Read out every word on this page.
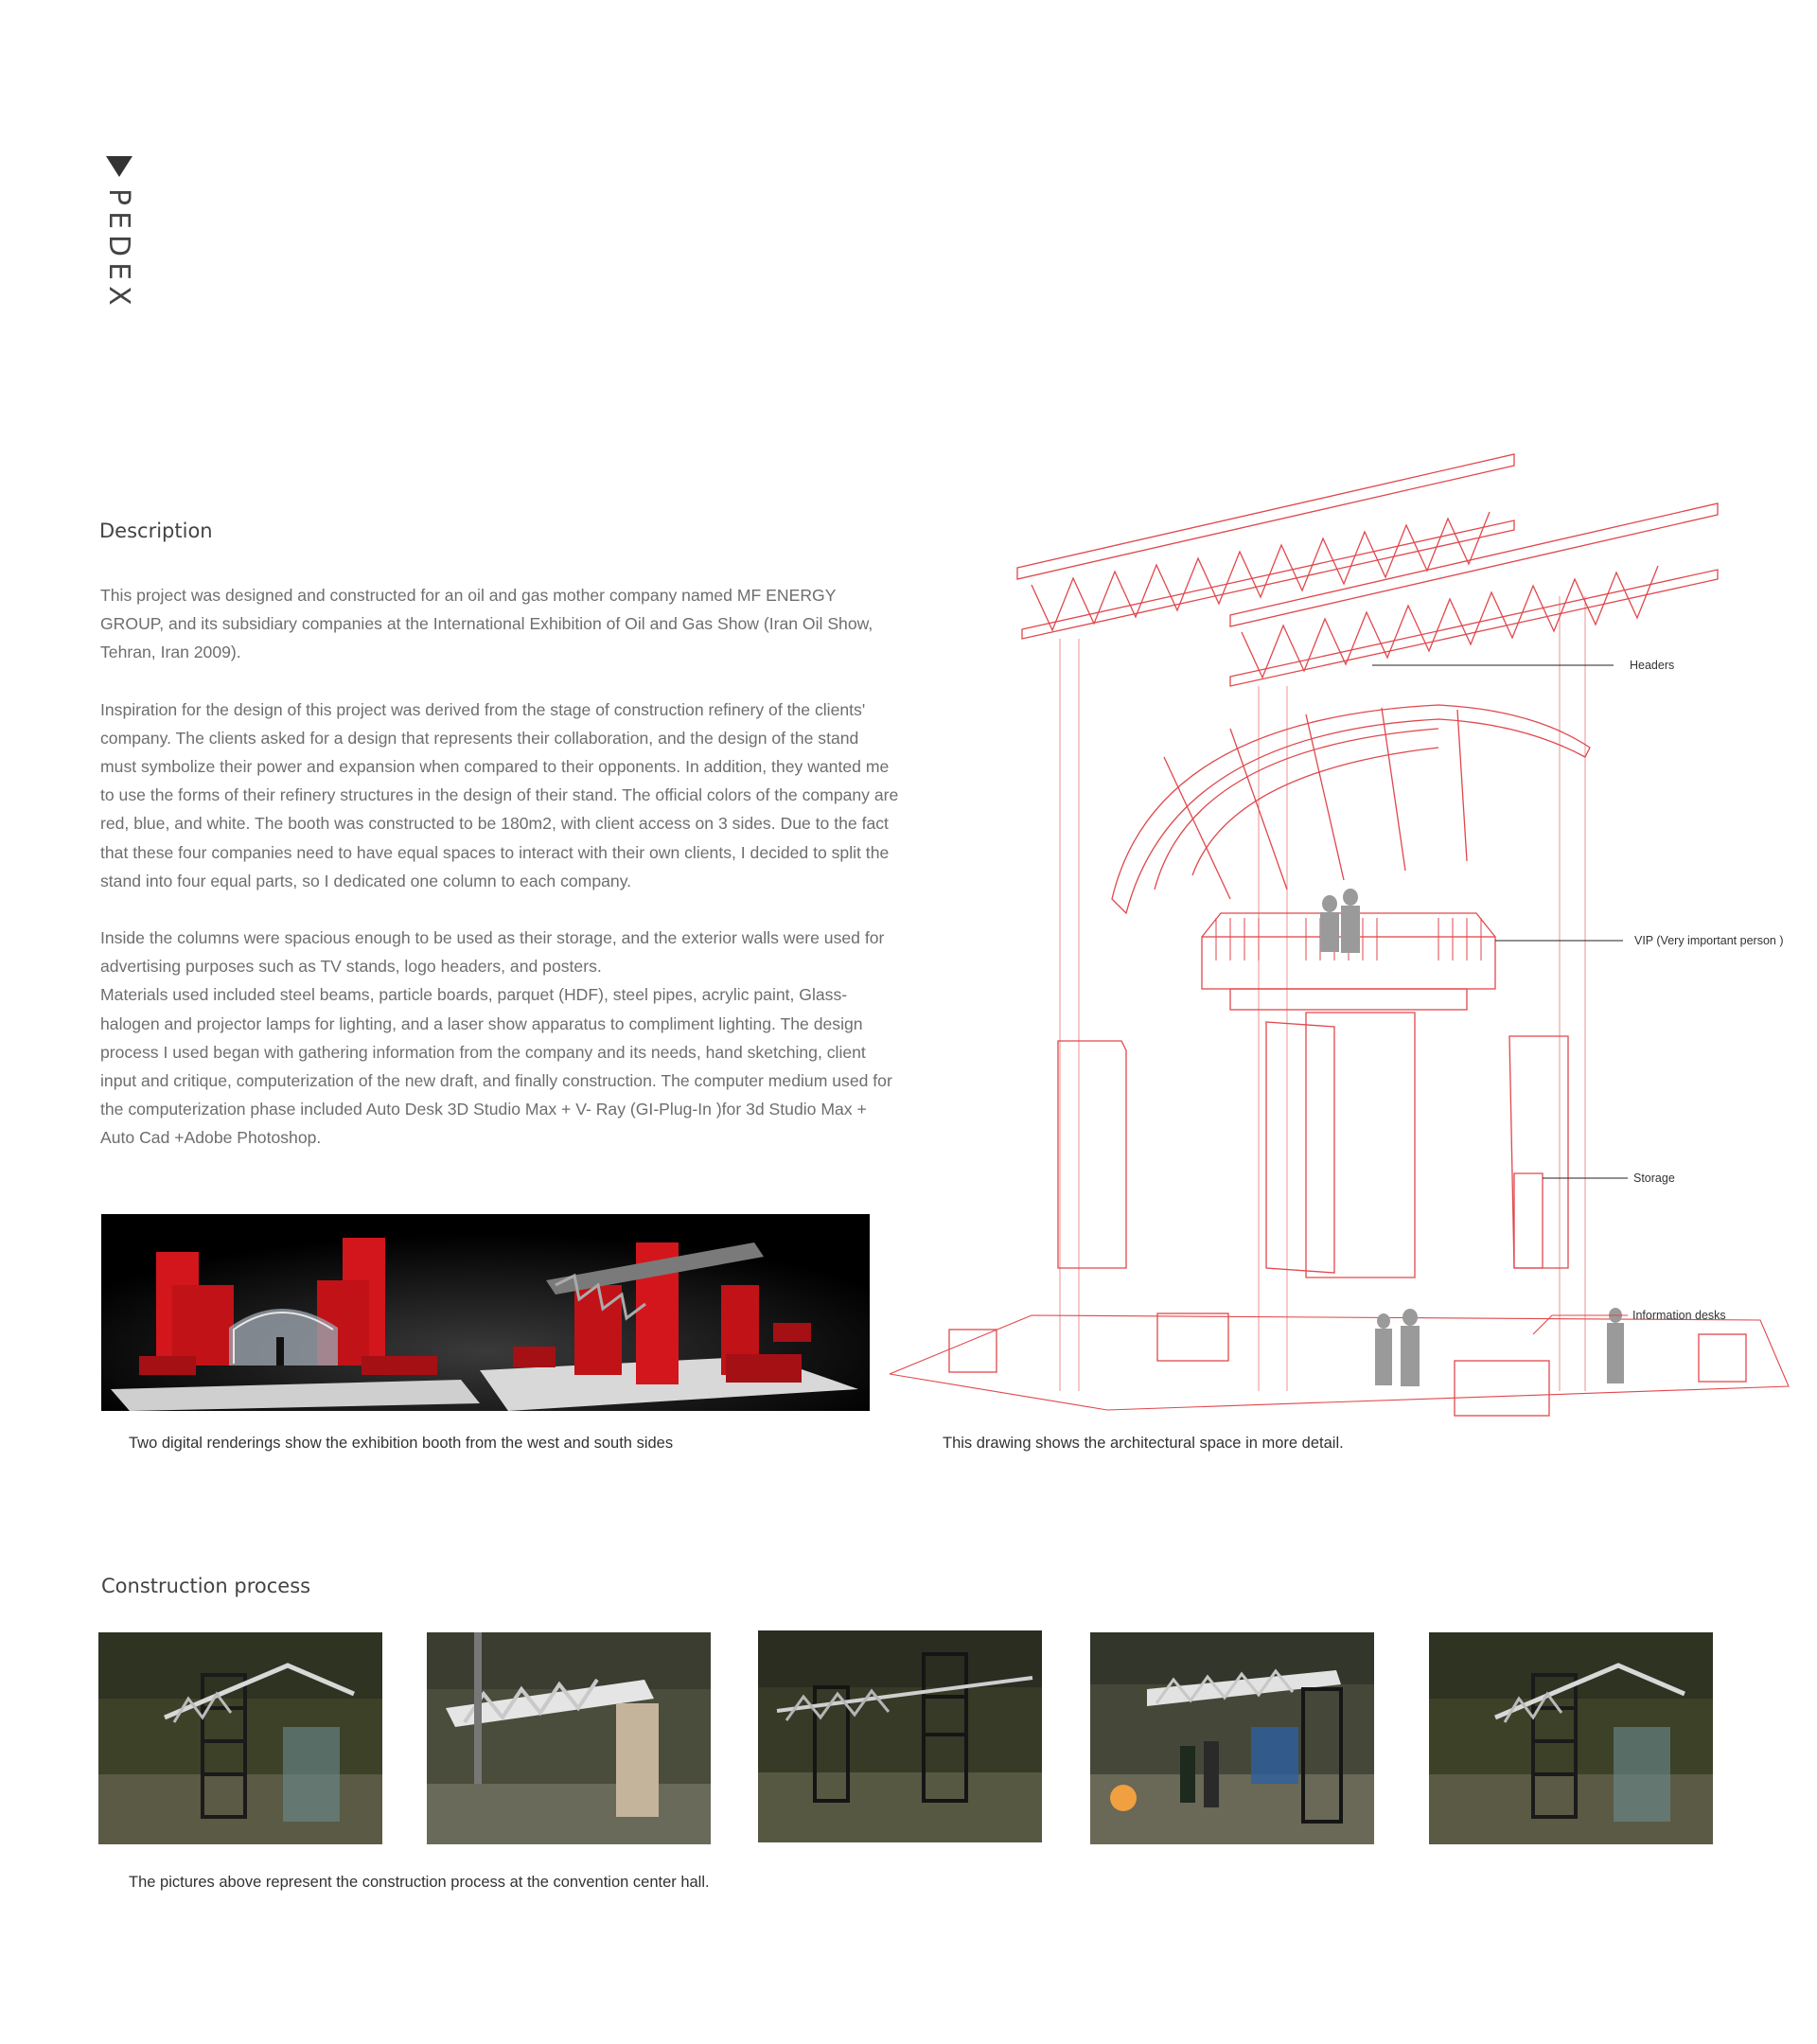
PEDEX
Description

This project was designed and constructed for an oil and gas mother company named MF ENERGY GROUP, and its subsidiary companies at the International Exhibition of Oil and Gas Show (Iran Oil Show, Tehran, Iran 2009).

Inspiration for the design of this project was derived from the stage of construction refinery of the clients' company. The clients asked for a design that represents their collaboration, and the design of the stand must symbolize their power and expansion when compared to their opponents. In addition, they wanted me to use the forms of their refinery structures in the design of their stand. The official colors of the company are red, blue, and white. The booth was constructed to be 180m2, with client access on 3 sides. Due to the fact that these four companies need to have equal spaces to interact with their own clients, I decided to split the stand into four equal parts, so I dedicated one column to each company.

Inside the columns were spacious enough to be used as their storage, and the exterior walls were used for advertising purposes such as TV stands, logo headers, and posters.

Materials used included steel beams, particle boards, parquet (HDF), steel pipes, acrylic paint, Glass-halogen and projector lamps for lighting, and a laser show apparatus to compliment lighting. The design process I used began with gathering information from the company and its needs, hand sketching, client input and critique, computerization of the new draft, and finally construction. The computer medium used for the computerization phase included Auto Desk 3D Studio Max + V- Ray (GI-Plug-In )for 3d Studio Max + Auto Cad +Adobe Photoshop.

Two digital renderings show the exhibition booth from the west and south sides
Headers
VIP (Very important person )
Storage
Information desks
This drawing shows the architectural space in more detail.
Construction process
The pictures above represent the construction process at the convention center hall.
